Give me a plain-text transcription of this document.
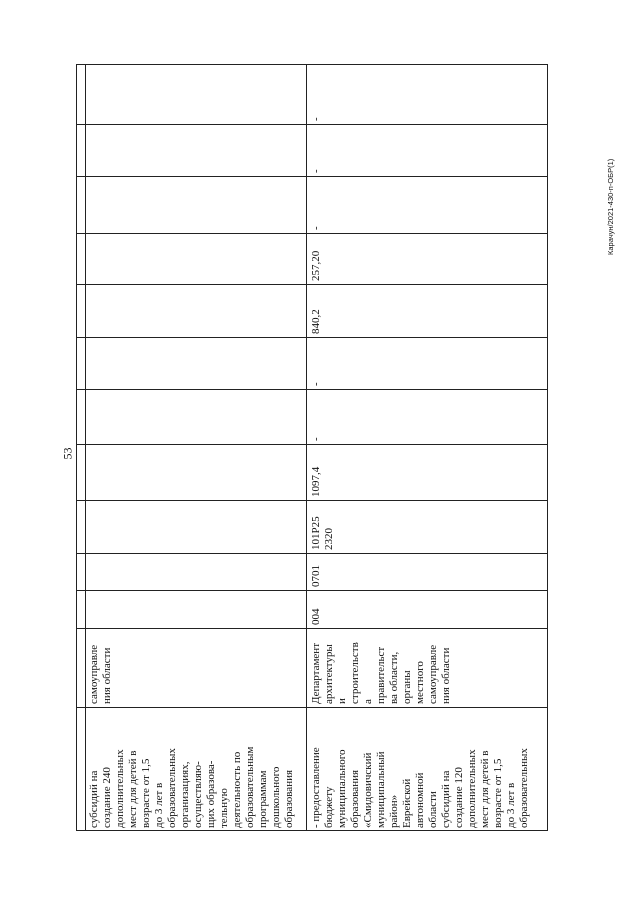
53
Карачун/2021-430-п-ОБР(1)
субсидий на
создание 240
дополнительных
мест для детей в
возрасте от 1,5
до 3 лет в
образовательных
организациях,
осуществляю-
щих образова-
тельную
деятельность по
образовательным
программам
дошкольного
образования
самоуправле
ния области
- предоставление
бюджету
муниципального
образования
«Смидовичский
муниципальный
район»
Еврейской
автономной
области
субсидий на
создание 120
дополнительных
мест для детей в
возрасте от 1,5
до 3 лет в
образовательных
Департамент
архитектуры
и
строительств
а
правительст
ва области,
органы
местного
самоуправле
ния области
004
0701
101Р25
2320
1097,4
-
-
840,2
257,20
-
-
-
